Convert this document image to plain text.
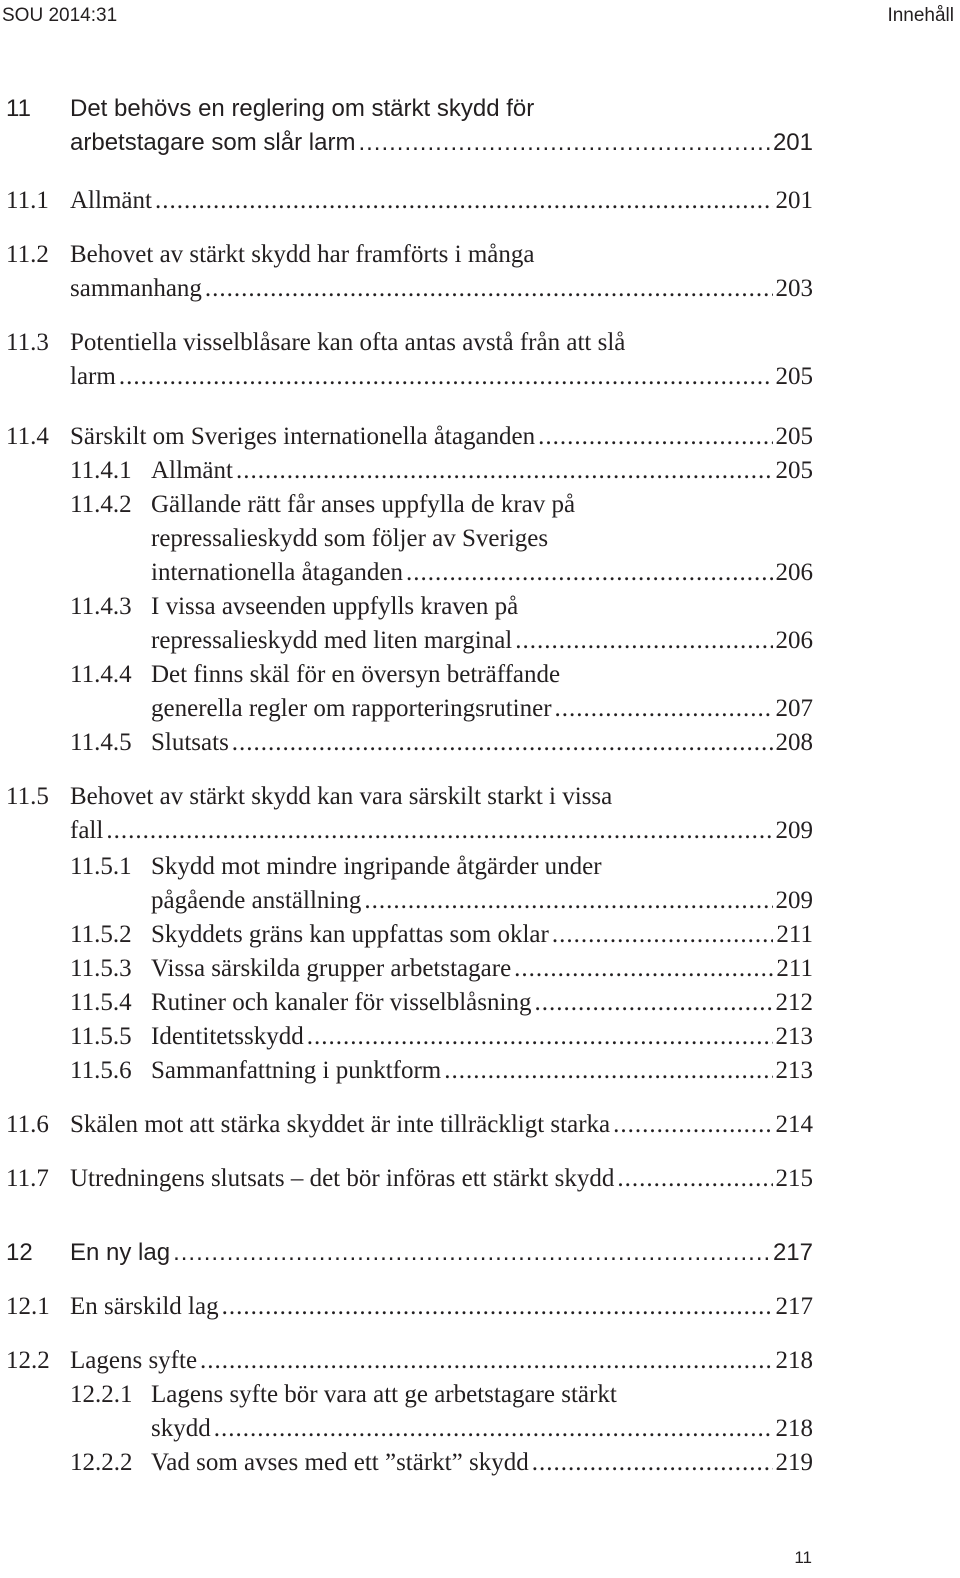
SOU 2014:31	Innehåll
11 Det behövs en reglering om stärkt skydd för
arbetstagare som slår larm .....	201
11.1 Allmänt .....	201
11.2 Behovet av stärkt skydd har framförts i många
sammanhang .....	203
11.3 Potentiella visselblåsare kan ofta antas avstå från att slå
larm .....	205
11.4 Särskilt om Sveriges internationella åtaganden .....	205
11.4.1 Allmänt .....	205
11.4.2 Gällande rätt får anses uppfylla de krav på
repressalieskydd som följer av Sveriges
internationella åtaganden .....	206
11.4.3 I vissa avseenden uppfylls kraven på
repressalieskydd med liten marginal .....	206
11.4.4 Det finns skäl för en översyn beträffande
generella regler om rapporteringsrutiner .....	207
11.4.5 Slutsats .....	208
11.5 Behovet av stärkt skydd kan vara särskilt starkt i vissa
fall .....	209
11.5.1 Skydd mot mindre ingripande åtgärder under
pågående anställning .....	209
11.5.2 Skyddets gräns kan uppfattas som oklar .....	211
11.5.3 Vissa särskilda grupper arbetstagare .....	211
11.5.4 Rutiner och kanaler för visselblåsning .....	212
11.5.5 Identitetsskydd .....	213
11.5.6 Sammanfattning i punktform .....	213
11.6 Skälen mot att stärka skyddet är inte tillräckligt starka .....	214
11.7 Utredningens slutsats – det bör införas ett stärkt skydd .....	215
12 En ny lag .....	217
12.1 En särskild lag .....	217
12.2 Lagens syfte .....	218
12.2.1 Lagens syfte bör vara att ge arbetstagare stärkt
skydd .....	218
12.2.2 Vad som avses med ett ”stärkt” skydd .....	219
11
